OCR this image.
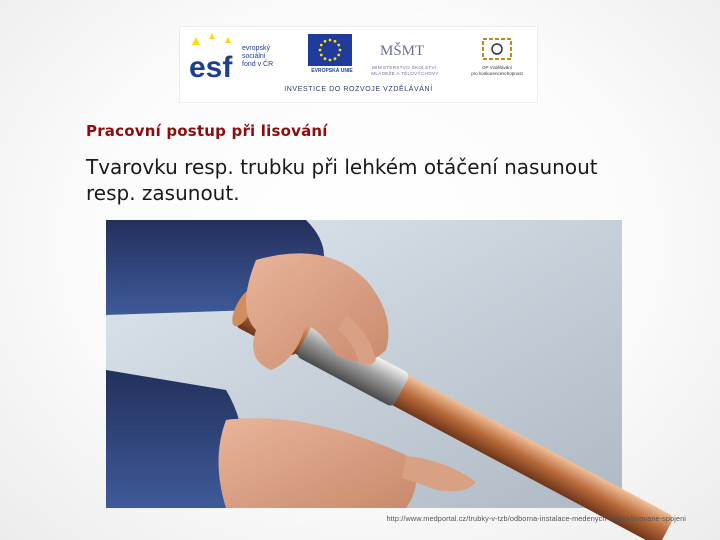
esf
evropský
sociální
fond v ČR
EVROPSKÁ UNIE
MŠMT
MINISTERSTVO ŠKOLSTVÍ,
MLÁDEŽE A TĚLOVÝCHOVY
OP Vzdělávání
pro konkurenceschopnost
INVESTICE DO ROZVOJE VZDĚLÁVÁNÍ
Pracovní postup při lisování

Tvarovku resp. trubku při lehkém otáčení nasunout resp. zasunout.

http://www.medportal.cz/trubky-v-tzb/odborna-instalace-medenych-trubek/lisovane-spojeni
